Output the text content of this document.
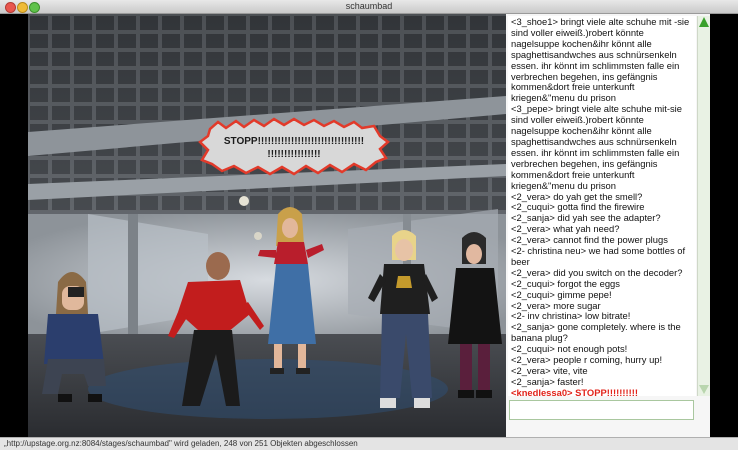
schaumbad
STOPP!!!!!!!!!!!!!!!!!!!!!!!!!!!!!!!!
!!!!!!!!!!!!!!!!

<3_shoe1> bringt viele alte schuhe mit -sie sind voller eiweiß.)robert könnte nagelsuppe kochen&ihr könnt alle spaghettisandwches aus schnürsenkeln essen. ihr könnt im schlimmsten falle ein verbrechen begehen, ins gefängnis kommen&dort freie unterkunft kriegen&"menu du prison

<3_pepe> bringt viele alte schuhe mit-sie sind voller eiweiß.)robert könnte nagelsuppe kochen&ihr könnt alle spaghettisandwches aus schnürsenkeln essen. ihr könnt im schlimmsten falle ein verbrechen begehen, ins gefängnis kommen&dort freie unterkunft kriegen&"menu du prison

<2_vera> do yah get the smell?

<2_cuqui> gotta find the firewire

<2_sanja> did yah see the adapter?

<2_vera> what yah need?

<2_vera> cannot find the power plugs

<2- christina neu> we had some bottles of beer

<2_vera> did you switch on the decoder?

<2_cuqui> forgot the eggs

<2_cuqui> gimme pepe!

<2_vera> more sugar

<2- inv christina> low bitrate!

<2_sanja> gone completely. where is the banana plug?

<2_cuqui> not enough pots!

<2_vera> people r coming, hurry up!

<2_vera> vite, vite

<2_sanja> faster!

<knedlessa0> STOPP!!!!!!!!!!

„http://upstage.org.nz:8084/stages/schaumbad" wird geladen, 248 von 251 Objekten abgeschlossen
